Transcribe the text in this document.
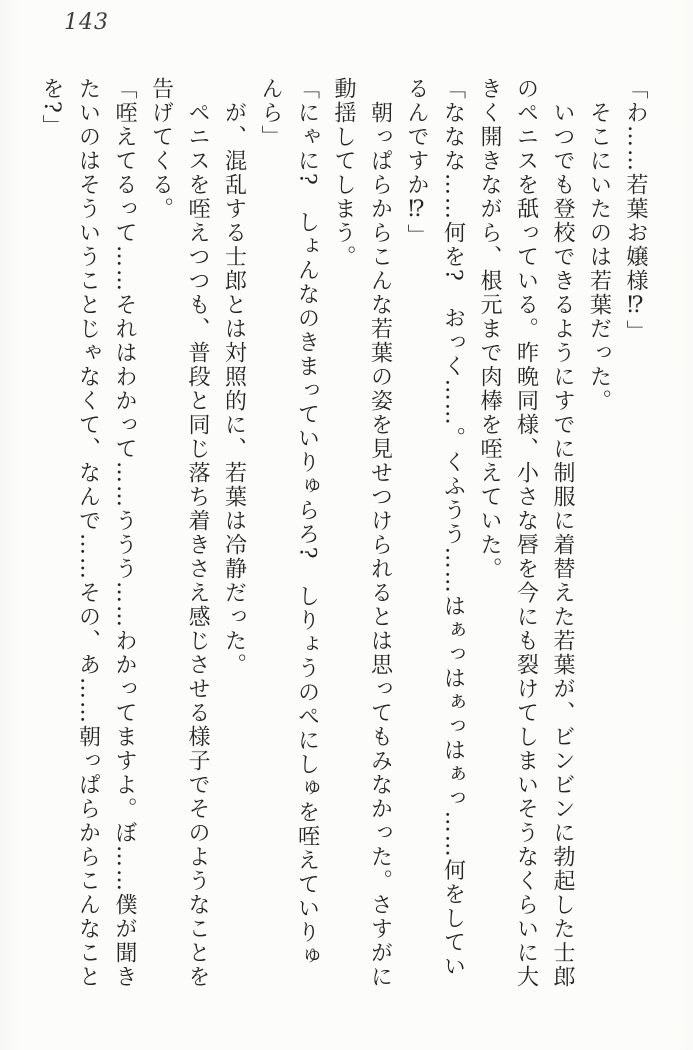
143
「わ……若葉お嬢様⁉」
そこにいたのは若葉だった。
いつでも登校できるようにすでに制服に着替えた若葉が、ビンビンに勃起した士郎
のペニスを舐っている。昨晩同様、小さな唇を今にも裂けてしまいそうなくらいに大
きく開きながら、根元まで肉棒を咥えていた。
「ななな……何を?　おっく……。くふうう……はぁっはぁっはぁっ……何をしてい
るんですか⁉」
朝っぱらからこんな若葉の姿を見せつけられるとは思ってもみなかった。さすがに
動揺してしまう。
「にゃに?　しょんなのきまっていりゅらろ?　しりょうのぺにしゅを咥えていりゅ
んら」
が、混乱する士郎とは対照的に、若葉は冷静だった。
ペニスを咥えつつも、普段と同じ落ち着きさえ感じさせる様子でそのようなことを
告げてくる。
「咥えてるって……それはわかって……ううう……わかってますよ。ぼ……僕が聞き
たいのはそういうことじゃなくて、なんで……その、あ……朝っぱらからこんなこと
を?」
